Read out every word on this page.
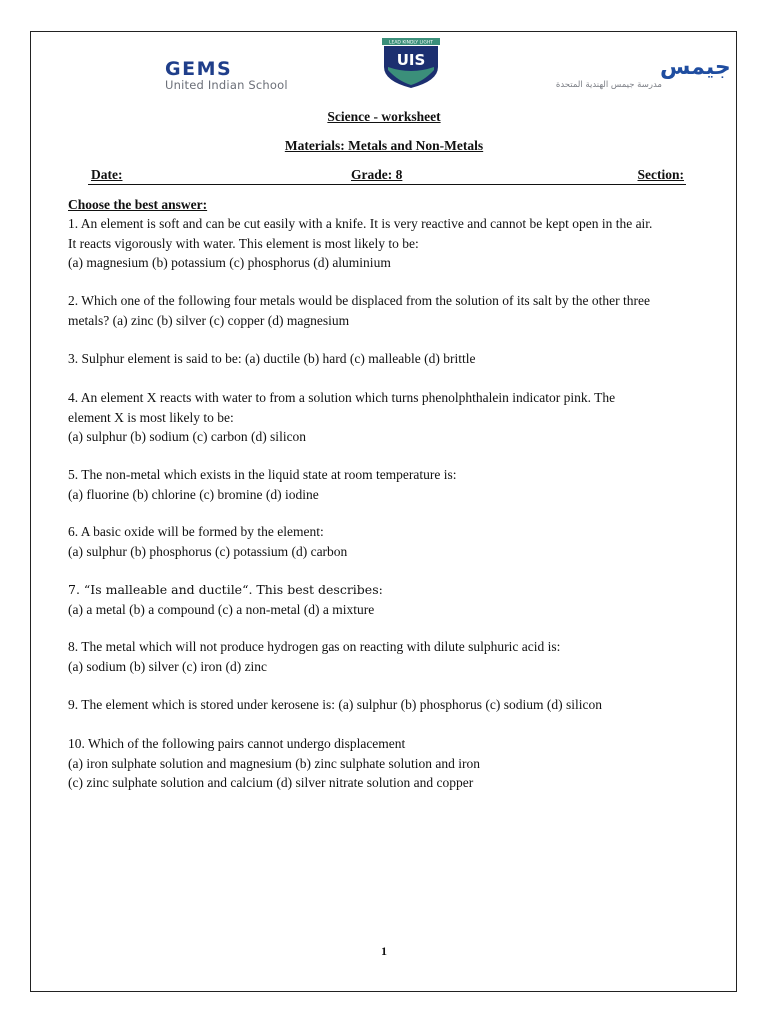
GEMS
United Indian School
LEAD KINDLY LIGHT
UIS	جيمس
مدرسة جيمس الهندية المتحدة
Science - worksheet
Materials: Metals and Non-Metals
Date:	Grade: 8	Section:
Choose the best answer:
1. An element is soft and can be cut easily with a knife. It is very reactive and cannot be kept open in the air.
It reacts vigorously with water. This element is most likely to be:
(a) magnesium (b) potassium (c) phosphorus (d) aluminium
2. Which one of the following four metals would be displaced from the solution of its salt by the other three
metals? (a) zinc (b) silver (c) copper (d) magnesium
3. Sulphur element is said to be: (a) ductile (b) hard (c) malleable (d) brittle
4. An element X reacts with water to from a solution which turns phenolphthalein indicator pink. The
element X is most likely to be:
(a) sulphur (b) sodium (c) carbon (d) silicon
5. The non-metal which exists in the liquid state at room temperature is:
(a) fluorine (b) chlorine (c) bromine (d) iodine
6. A basic oxide will be formed by the element:
(a) sulphur (b) phosphorus (c) potassium (d) carbon
7. “Is malleable and ductile“. This best describes:
(a) a metal (b) a compound (c) a non-metal (d) a mixture
8. The metal which will not produce hydrogen gas on reacting with dilute sulphuric acid is:
(a) sodium (b) silver (c) iron (d) zinc
9. The element which is stored under kerosene is: (a) sulphur (b) phosphorus (c) sodium (d) silicon
10. Which of the following pairs cannot undergo displacement
(a) iron sulphate solution and magnesium (b) zinc sulphate solution and iron
(c) zinc sulphate solution and calcium (d) silver nitrate solution and copper
1
